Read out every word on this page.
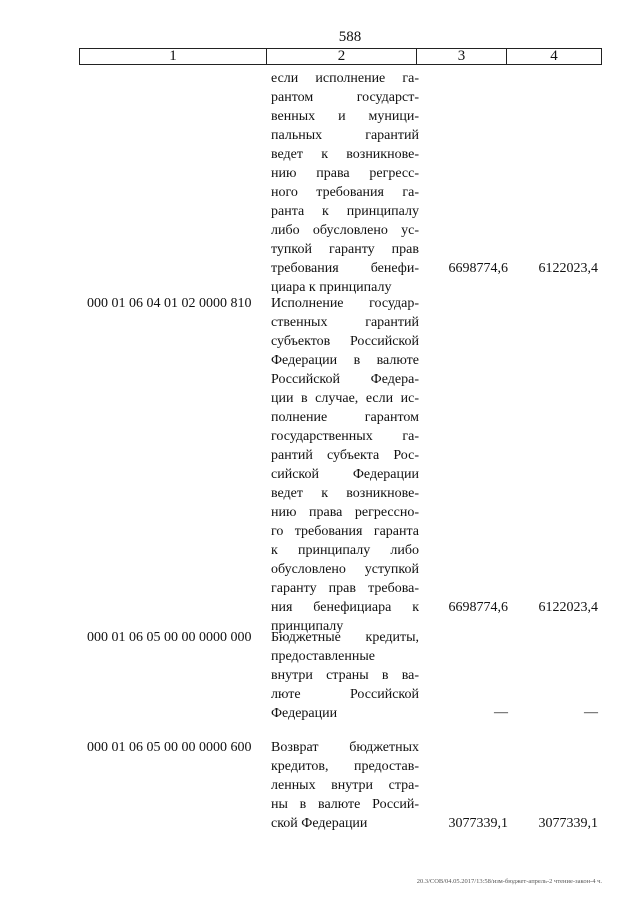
588
1	2	3	4
если исполнение га-
рантом государст-
венных и муници-
пальных гарантий
ведет к возникнове-
нию права регресс-
ного требования га-
ранта к принципалу
либо обусловлено ус-
тупкой гаранту прав
требования бенефи-
циара к принципалу
6698774,6	6122023,4
000 01 06 04 01 02 0000 810	Исполнение государ-
ственных гарантий
субъектов Российской
Федерации в валюте
Российской Федера-
ции в случае, если ис-
полнение гарантом
государственных га-
рантий субъекта Рос-
сийской Федерации
ведет к возникнове-
нию права регрессно-
го требования гаранта
к принципалу либо
обусловлено уступкой
гаранту прав требова-
ния бенефициара к
принципалу
6698774,6	6122023,4
000 01 06 05 00 00 0000 000	Бюджетные кредиты,
предоставленные
внутри страны в ва-
люте Российской
Федерации	—	—
000 01 06 05 00 00 0000 600	Возврат бюджетных
кредитов, предостав-
ленных внутри стра-
ны в валюте Россий-
ской Федерации	3077339,1	3077339,1
20.3/СОВ/04.05.2017/13:58/изм-бюджет-апрель-2 чтение-закон-4 ч.
